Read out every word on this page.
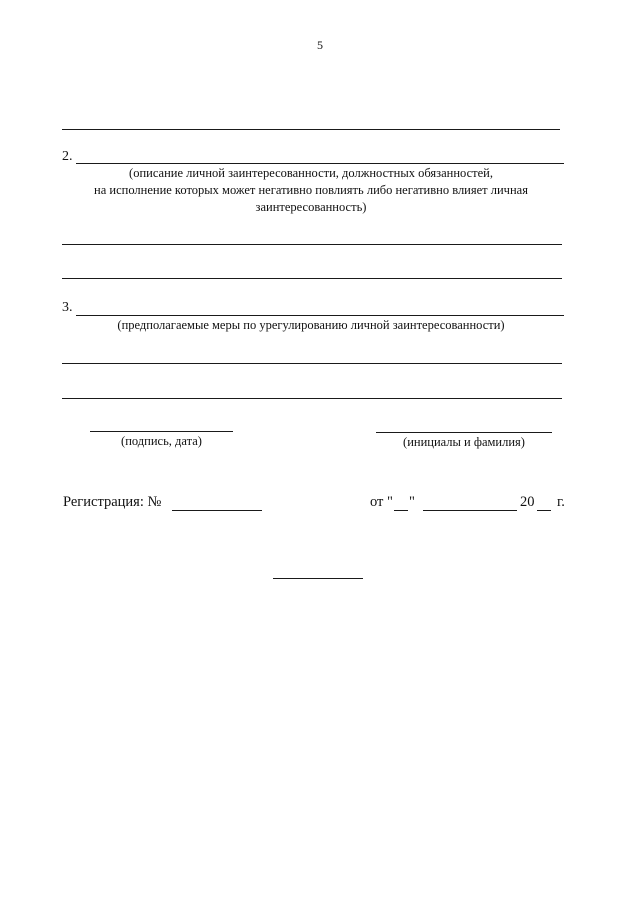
5
2.
(описание личной заинтересованности, должностных обязанностей,
на исполнение которых может негативно повлиять либо негативно влияет личная
заинтересованность)
3.
(предполагаемые меры по урегулированию личной заинтересованности)
(подпись, дата)	(инициалы и фамилия)
Регистрация: №	от " "	20 г.
